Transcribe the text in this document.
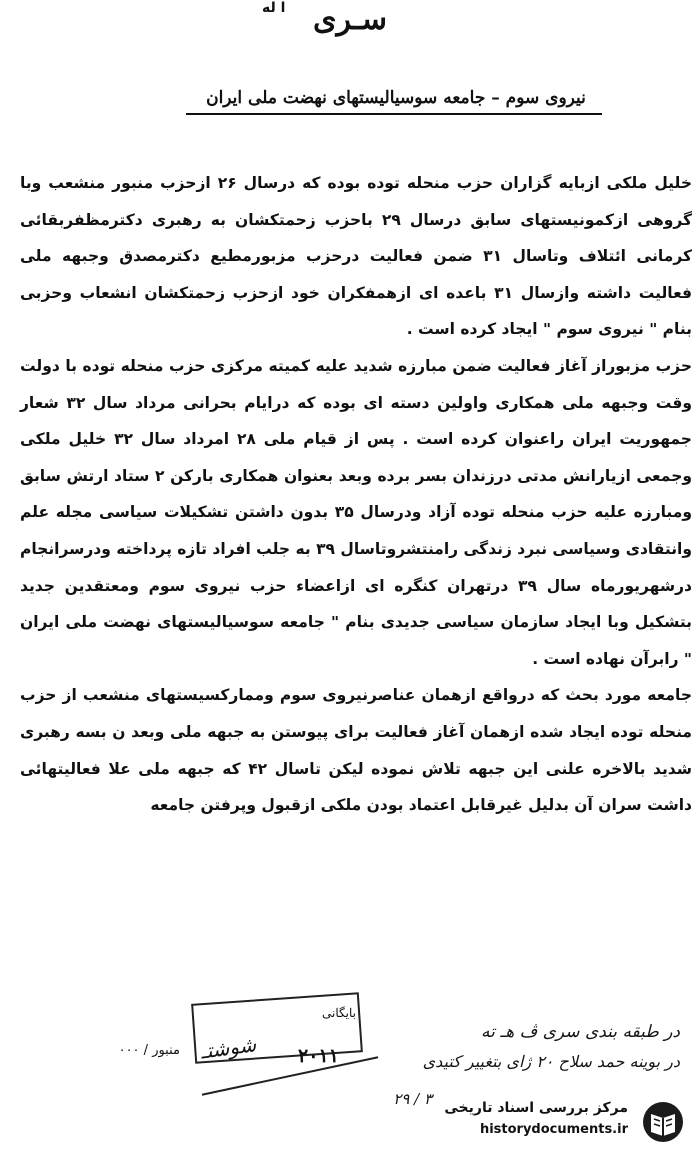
ا له سـرى
نيروى سوم – جامعه سوسياليستهاى نهضت ملى ايران

خليل ملكى ازبايه گزاران حزب منحله توده بوده كه درسال ۲۶ ازحزب منبور منشعب وبا گروهى ازكمونيستهاى سابق درسال ۲۹ باحزب زحمتكشان به رهبرى دكترمظفربقائى كرمانى ائتلاف وتاسال ۳۱ ضمن فعاليت درحزب مزبورمطيع دكترمصدق وجبهه ملى فعاليت داشته وازسال ۳۱ باعده اى ازهمفكران خود ازحزب زحمتكشان انشعاب وحزبى بنام " نيروى سوم " ايجاد كرده است .

حزب مزبوراز آغاز فعاليت ضمن مبارزه شديد عليه كميته مركزى حزب منحله توده با دولت وقت وجبهه ملى همكارى واولين دسته اى بوده كه درايام بحرانى مرداد سال ۳۲ شعار جمهوريت ايران راعنوان كرده است . پس از قيام ملى ۲۸ امرداد سال ۳۲ خليل ملكى وجمعى ازيارانش مدتى درزندان بسر برده وبعد بعنوان همكارى باركن ۲ ستاد ارتش سابق ومبارزه عليه حزب منحله توده آزاد ودرسال ۳۵ بدون داشتن تشكيلات سياسى مجله علم وانتقادى وسياسى نبرد زندگى رامنتشروتاسال ۳۹ به جلب افراد تازه پرداخته ودرسرانجام درشهريورماه سال ۳۹ درتهران كنگره اى ازاعضاء حزب نيروى سوم ومعتقدين جديد بتشكيل وبا ايجاد سازمان سياسى جديدى بنام " جامعه سوسياليستهاى نهضت ملى ايران " رابرآن نهاده است .

جامعه مورد بحث كه درواقع ازهمان عناصرنيروى سوم ومماركسيستهاى منشعب از حزب منحله توده ايجاد شده ازهمان آغاز فعاليت براى پيوستن به جبهه ملى وبعد ن بسه رهبرى شديد بالاخره علنى اين جبهه تلاش نموده ليكن تاسال ۴۲ كه جبهه ملى علا فعاليتهائى داشت سران آن بدليل غيرقابل اعتماد بودن ملكى ازقبول وپرفتن جامعه

بايگانى
در طبقه بندى سرى ڤ هـ ته
در بوينه حمد سلاح ۲۰ ژاى بتغيير كتيدى
۲۰۱۱
شوشتـ
۲۹ / ۳
منبور / ۰۰۰
مرکز بررسی اسناد تاریخی
historydocuments.ir
